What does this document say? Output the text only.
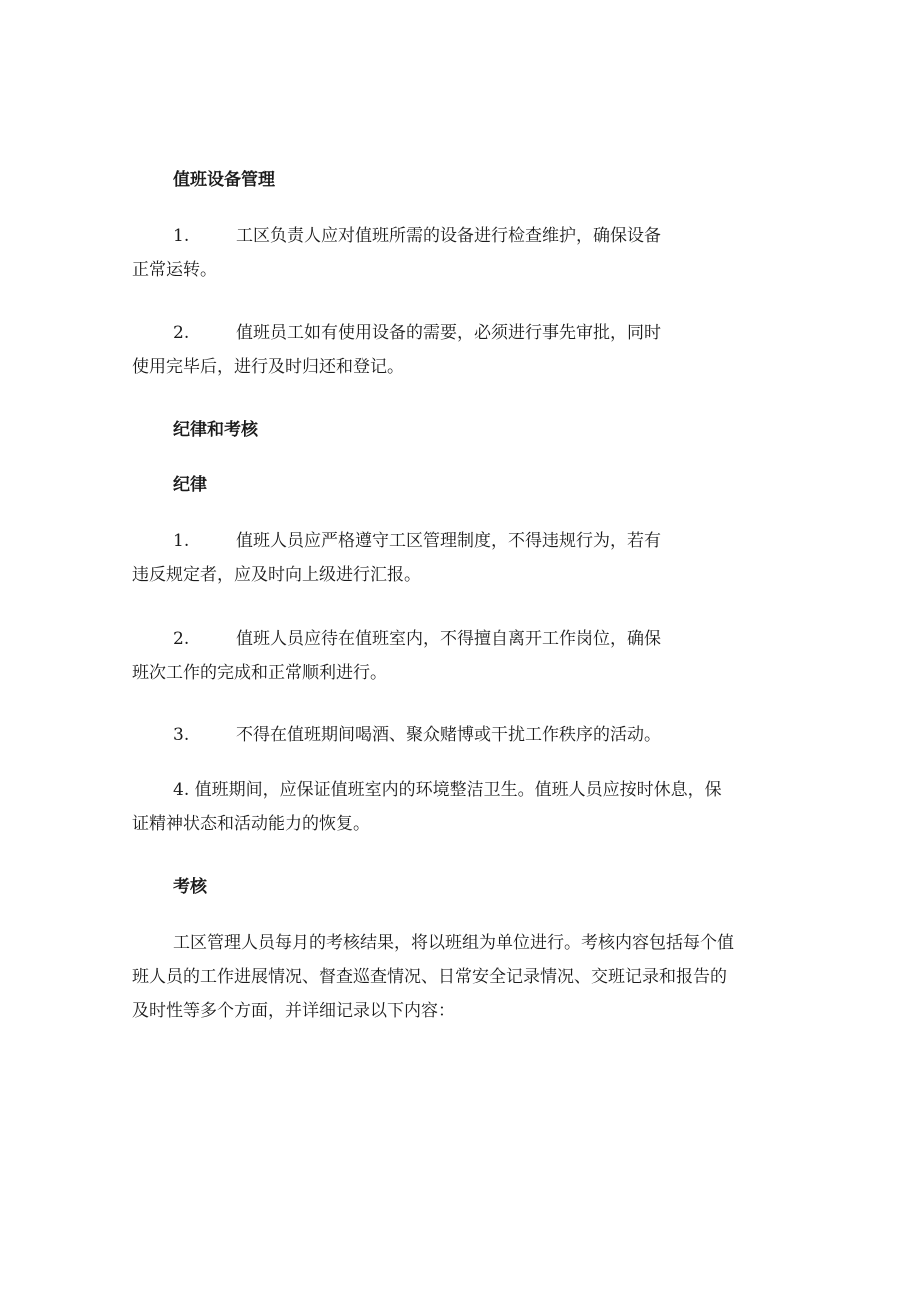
值班设备管理
1.	工区负责人应对值班所需的设备进行检查维护，确保设备
正常运转。
2.	值班员工如有使用设备的需要，必须进行事先审批，同时
使用完毕后，进行及时归还和登记。
纪律和考核
纪律
1.	值班人员应严格遵守工区管理制度，不得违规行为，若有
违反规定者，应及时向上级进行汇报。
2.	值班人员应待在值班室内，不得擅自离开工作岗位，确保
班次工作的完成和正常顺利进行。
3.	不得在值班期间喝酒、聚众赌博或干扰工作秩序的活动。
4. 值班期间，应保证值班室内的环境整洁卫生。值班人员应按时休息，保
证精神状态和活动能力的恢复。
考核
工区管理人员每月的考核结果，将以班组为单位进行。考核内容包括每个值
班人员的工作进展情况、督查巡查情况、日常安全记录情况、交班记录和报告的
及时性等多个方面，并详细记录以下内容：
